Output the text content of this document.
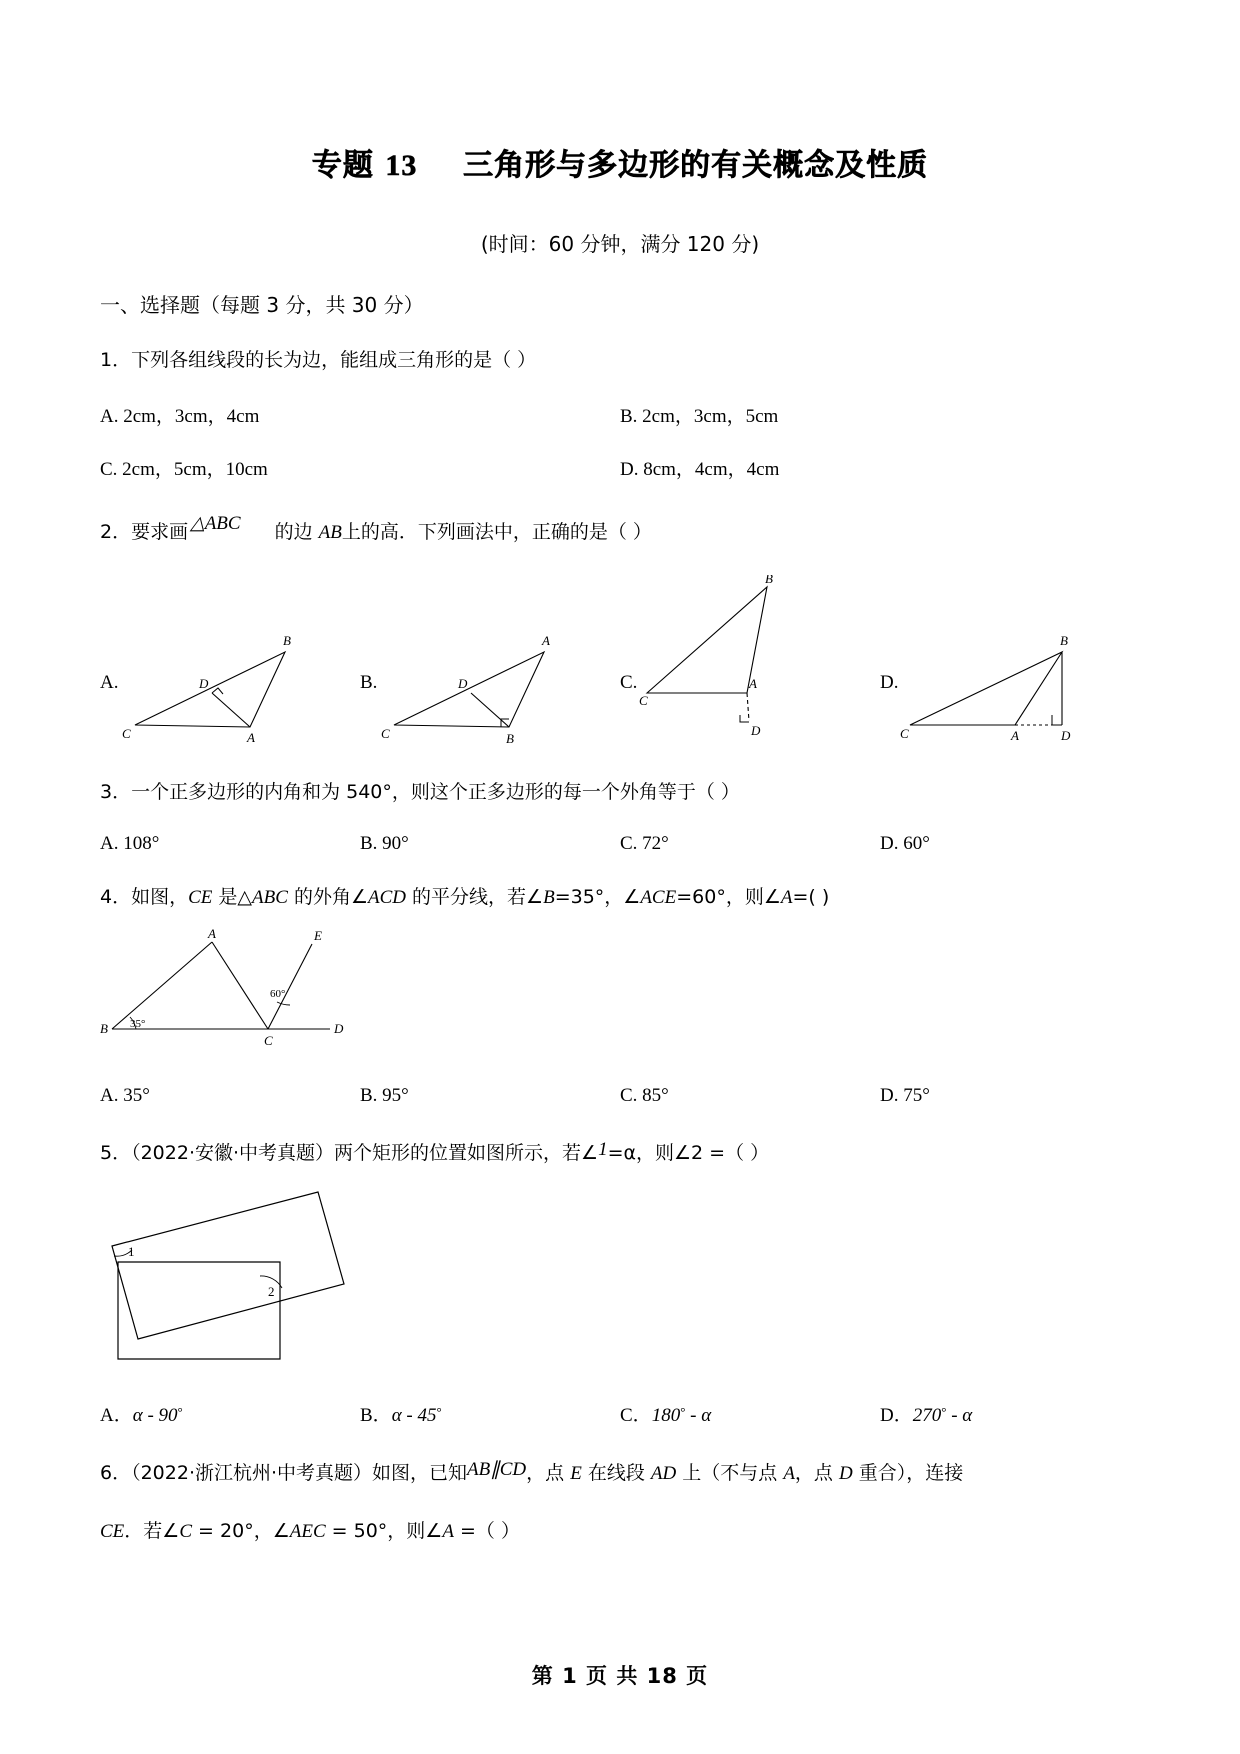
专题 13 三角形与多边形的有关概念及性质
(时间：60 分钟，满分 120 分)
一、选择题（每题 3 分，共 30 分）
1．下列各组线段的长为边，能组成三角形的是（ ）
A. 2cm，3cm，4cm	B. 2cm，3cm，5cm
C. 2cm，5cm，10cm	D. 8cm，4cm，4cm
2．要求画 △ABC 的边 AB上的高．下列画法中，正确的是（ ）
A.
B
D
C	A
B.
A
D
C	B
C.
B
A
C
D
D.
B
C	A	D
3．一个正多边形的内角和为 540°，则这个正多边形的每一个外角等于（ ）
A. 108°	B. 90°	C. 72°	D. 60°
4．如图，CE 是△ABC 的外角∠ACD 的平分线，若∠B=35°，∠ACE=60°，则∠A=( )
A	E
B
C
D
35°
60°
A. 35°	B. 95°	C. 85°	D. 75°
5．（2022·安徽·中考真题）两个矩形的位置如图所示，若∠1=α，则∠2 =（ ）
1
2
A．α - 90°	B．α - 45°	C．180° - α	D．270° - α
6．（2022·浙江杭州·中考真题）如图，已知AB∥CD，点 E 在线段 AD 上（不与点 A，点 D 重合），连接
CE．若∠C = 20°，∠AEC = 50°，则∠A =（ ）
第 1 页 共 18 页
